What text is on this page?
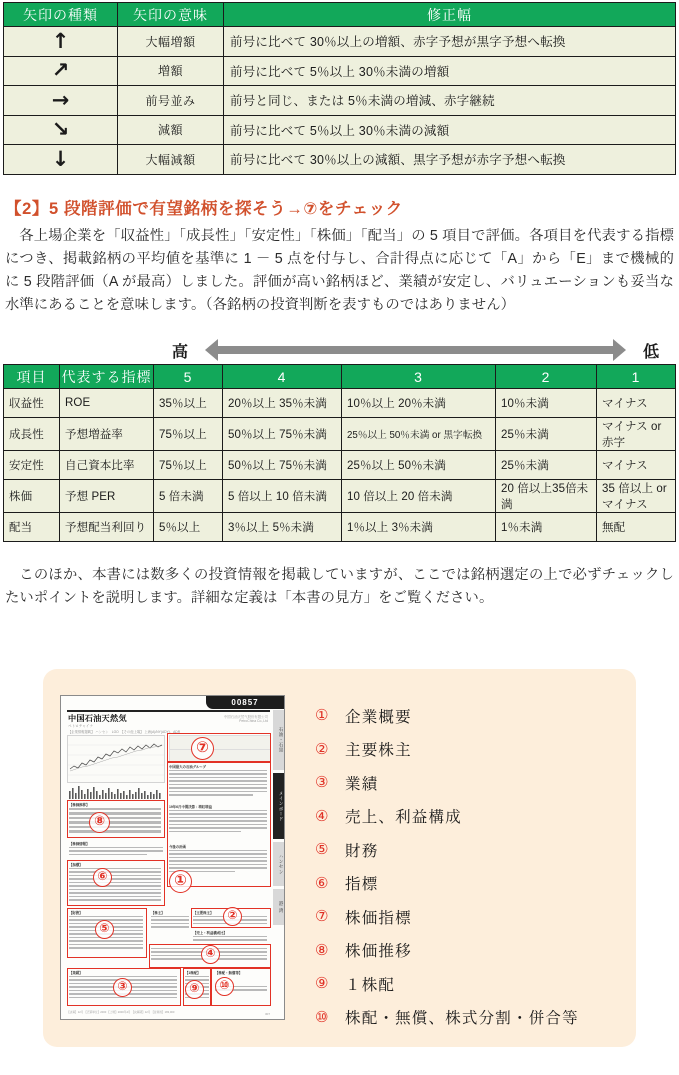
矢印の種類	矢印の意味	修正幅
↑	大幅増額	前号に比べて 30％以上の増額、赤字予想が黒字予想へ転換
↗	増額	前号に比べて 5％以上 30％未満の増額
→	前号並み	前号と同じ、または 5％未満の増減、赤字継続
↘	減額	前号に比べて 5％以上 30％未満の減額
↓	大幅減額	前号に比べて 30％以上の減額、黒字予想が赤字予想へ転換
【2】5 段階評価で有望銘柄を探そう→⑦をチェック

各上場企業を「収益性」「成長性」「安定性」「株価」「配当」の 5 項目で評価。各項目を代表する指標につき、掲載銘柄の平均値を基準に 1 － 5 点を付与し、合計得点に応じて「A」から「E」まで機械的に 5 段階評価（A が最高）しました。評価が高い銘柄ほど、業績が安定し、バリュエーションも妥当な水準にあることを意味します。（各銘柄の投資判断を表すものではありません）

高	低
項目	代表する指標	5	4	3	2	1
収益性	ROE	35％以上	20％以上 35％未満	10％以上 20％未満	10％未満	マイナス
成長性	予想増益率	75％以上	50％以上 75％未満	25％以上 50％未満 or 黒字転換	25％未満	マイナス or 赤字
安定性	自己資本比率	75％以上	50％以上 75％未満	25％以上 50％未満	25％未満	マイナス
株価	予想 PER	5 倍未満	5 倍以上 10 倍未満	10 倍以上 20 倍未満	20 倍以上35倍未満	35 倍以上 or マイナス
配当	予想配当利回り	5％以上	3％以上 5％未満	1％以上 3％未満	1％未満	無配

このほか、本書には数多くの投資情報を掲載していますが、ここでは銘柄選定の上で必ずチェックしたいポイントを説明します。詳細な定義は「本書の見方」をご覧ください。

00857
中国石油天然気
ペトロチャイナ
中国石油天然气股份有限公司
PetroChina Co.,Ltd
【企業情報掲載】 ハンセン　LOO　【その他上場】 上海(A)/NY(ADY)、ADR	石油・石黒
メインボード
ハンセン
港 湾
中国最大の石油グループ
19年6月中間決算：増収増益
今後の計画
【株価推移】
【株価情報】
【指標】
【財務】	【株主】	【主要株主】
【売上・利益構成比】
【業績】	【1株配】	【株配・無償等】
【決算】12月 【売買単位】2000 【上場】2000年4月 【決算期】12月 【従業員】183,000	307
①
②
③
④
⑤
⑥
⑦
⑧
⑨	⑩
①	企業概要
②	主要株主
③	業績
④	売上、利益構成
⑤	財務
⑥	指標
⑦	株価指標
⑧	株価推移
⑨	１株配
⑩	株配・無償、株式分割・併合等
